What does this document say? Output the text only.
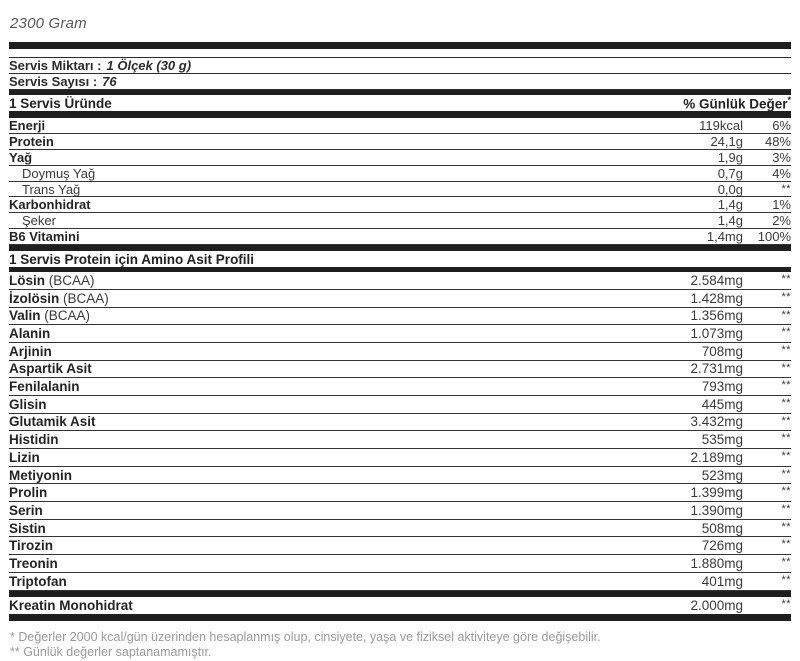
2300 Gram
Servis Miktarı : 1 Ölçek (30 g)
Servis Sayısı : 76
1 Servis Üründe	% Günlük Değer*
Enerji	119kcal	6%
Protein	24,1g	48%
Yağ	1,9g	3%
Doymuş Yağ	0,7g	4%
Trans Yağ	0,0g	**
Karbonhidrat	1,4g	1%
Şeker	1,4g	2%
B6 Vitamini	1,4mg	100%
1 Servis Protein için Amino Asit Profili
Lösin (BCAA)	2.584mg	**
İzolösin (BCAA)	1.428mg	**
Valin (BCAA)	1.356mg	**
Alanin	1.073mg	**
Arjinin	708mg	**
Aspartik Asit	2.731mg	**
Fenilalanin	793mg	**
Glisin	445mg	**
Glutamik Asit	3.432mg	**
Histidin	535mg	**
Lizin	2.189mg	**
Metiyonin	523mg	**
Prolin	1.399mg	**
Serin	1.390mg	**
Sistin	508mg	**
Tirozin	726mg	**
Treonin	1.880mg	**
Triptofan	401mg	**
Kreatin Monohidrat	2.000mg	**
* Değerler 2000 kcal/gün üzerinden hesaplanmış olup, cinsiyete, yaşa ve fiziksel aktiviteye göre değişebilir.
** Günlük değerler saptanamamıştır.
